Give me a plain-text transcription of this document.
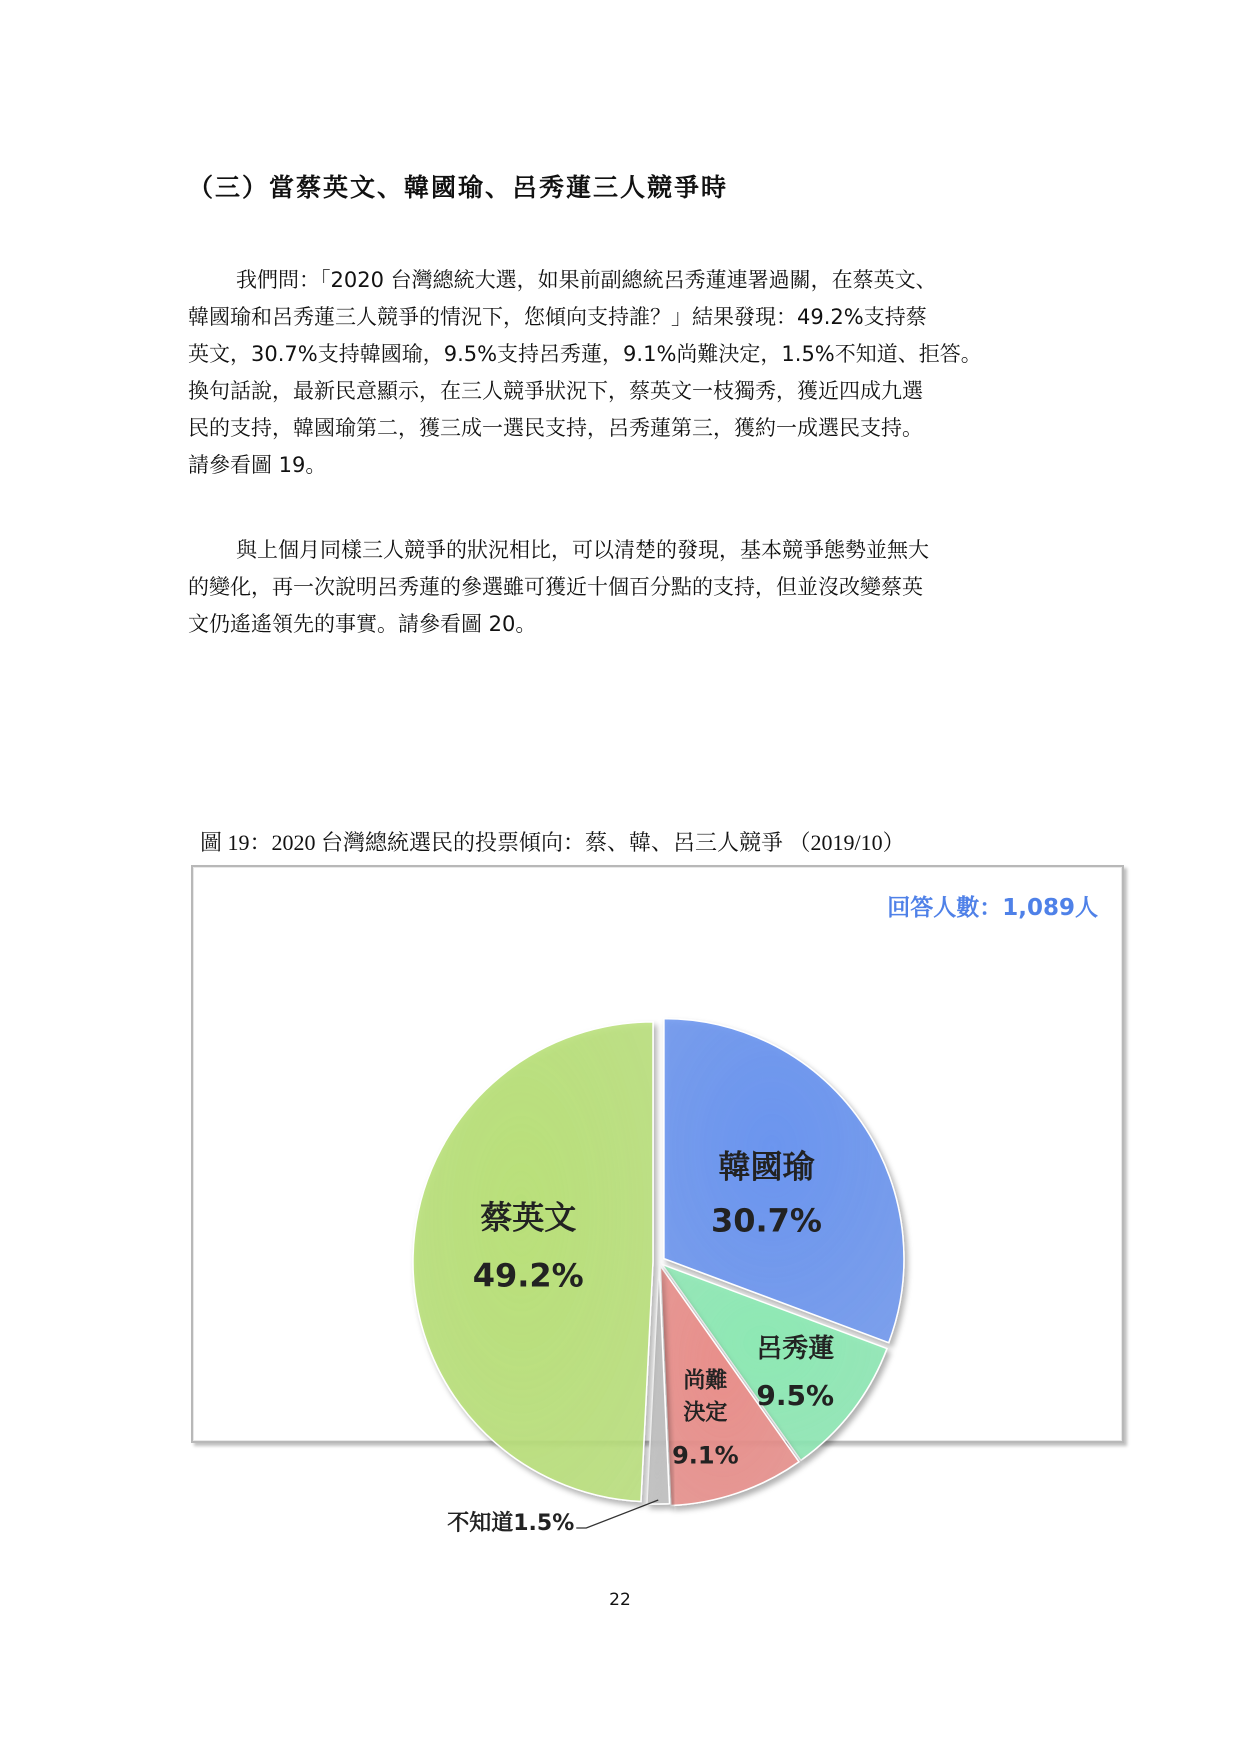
（三）當蔡英文、韓國瑜、呂秀蓮三人競爭時
我們問：「2020 台灣總統大選，如果前副總統呂秀蓮連署過關，在蔡英文、
韓國瑜和呂秀蓮三人競爭的情況下，您傾向支持誰？」結果發現：49.2%支持蔡
英文，30.7%支持韓國瑜，9.5%支持呂秀蓮，9.1%尚難決定，1.5%不知道、拒答。
換句話說，最新民意顯示，在三人競爭狀況下，蔡英文一枝獨秀，獲近四成九選
民的支持，韓國瑜第二，獲三成一選民支持，呂秀蓮第三，獲約一成選民支持。
請參看圖 19。
與上個月同樣三人競爭的狀況相比，可以清楚的發現，基本競爭態勢並無大
的變化，再一次說明呂秀蓮的參選雖可獲近十個百分點的支持，但並沒改變蔡英
文仍遙遙領先的事實。請參看圖 20。
圖 19：2020 台灣總統選民的投票傾向：蔡、韓、呂三人競爭 （2019/10）
韓國瑜
30.7%
呂秀蓮
9.5%
尚難
決定
9.1%
不知道1.5%
蔡英文
49.2%
回答人數：1,089人
22
